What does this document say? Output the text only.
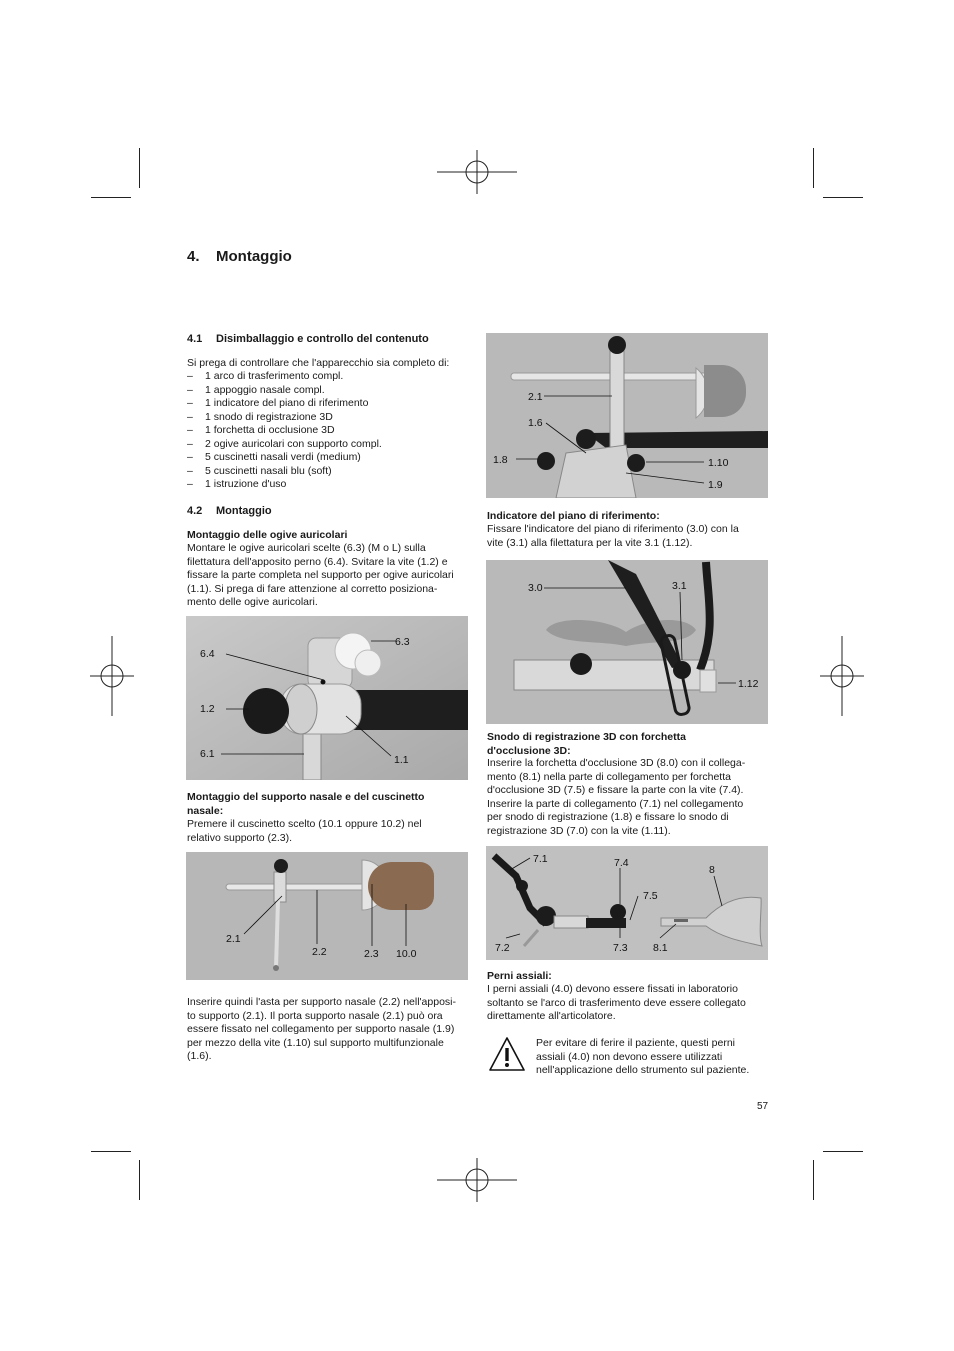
4. Montaggio

4.1 Disimballaggio e controllo del contenuto

Si prega di controllare che l'apparecchio sia completo di:

– 1 arco di trasferimento compl.
– 1 appoggio nasale compl.
– 1 indicatore del piano di riferimento
– 1 snodo di registrazione 3D
– 1 forchetta di occlusione 3D
– 2 ogive auricolari con supporto compl.
– 5 cuscinetti nasali verdi (medium)
– 5 cuscinetti nasali blu (soft)
– 1 istruzione d'uso

4.2 Montaggio

Montaggio delle ogive auricolari

Montare le ogive auricolari scelte (6.3) (M o L) sulla
filettatura dell'apposito perno (6.4). Svitare la vite (1.2) e
fissare la parte completa nel supporto per ogive auricolari
(1.1). Si prega di fare attenzione al corretto posiziona-
mento delle ogive auricolari.
6.3
6.4
1.2
6.1	1.1
Montaggio del supporto nasale e del cuscinetto
nasale:
Premere il cuscinetto scelto (10.1 oppure 10.2) nel
relativo supporto (2.3).
2.1
2.2	2.3 10.0
Inserire quindi l'asta per supporto nasale (2.2) nell'apposi-
to supporto (2.1). Il porta supporto nasale (2.1) può ora
essere fissato nel collegamento per supporto nasale (1.9)
per mezzo della vite (1.10) sul supporto multifunzionale
(1.6).
2.1
1.6
1.8	1.10
1.9

Indicatore del piano di riferimento:

Fissare l'indicatore del piano di riferimento (3.0) con la
vite (3.1) alla filettatura per la vite 3.1 (1.12).
3.0	3.1
1.12
Snodo di registrazione 3D con forchetta
d'occlusione 3D:
Inserire la forchetta d'occlusione 3D (8.0) con il collega-
mento (8.1) nella parte di collegamento per forchetta
d'occlusione 3D (7.5) e fissare la parte con la vite (7.4).
Inserire la parte di collegamento (7.1) nel collegamento
per snodo di registrazione (1.8) e fissare lo snodo di
registrazione 3D (7.0) con la vite (1.11).
7.1	7.4
8
7.5
7.2	7.3 8.1

Perni assiali:

I perni assiali (4.0) devono essere fissati in laboratorio
soltanto se l'arco di trasferimento deve essere collegato
direttamente all'articolatore.
Per evitare di ferire il paziente, questi perni
assiali (4.0) non devono essere utilizzati
nell'applicazione dello strumento sul paziente.
57
